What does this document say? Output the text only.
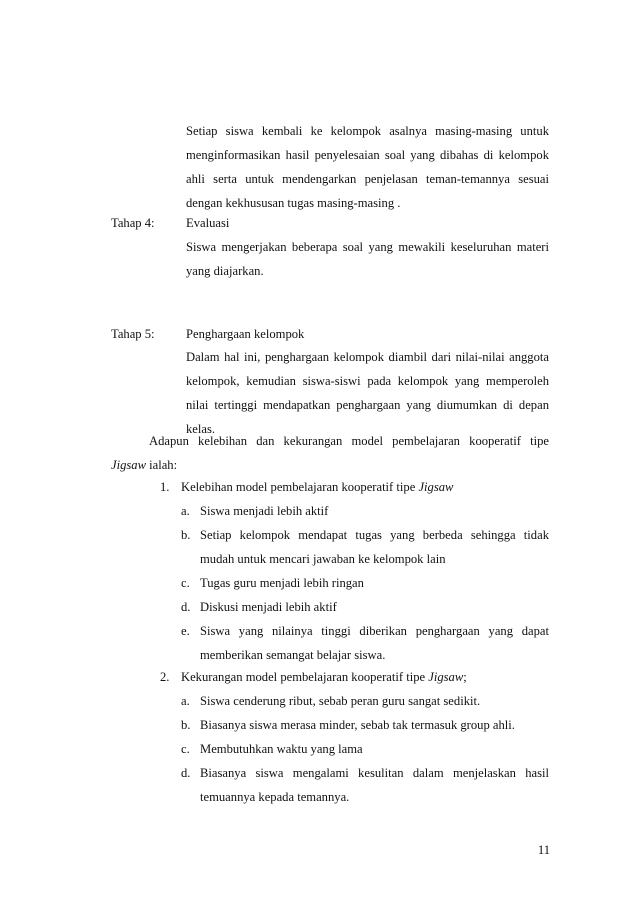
Setiap siswa kembali ke kelompok asalnya masing-masing untuk
menginformasikan hasil penyelesaian soal yang dibahas di kelompok
ahli serta untuk mendengarkan penjelasan teman-temannya sesuai
dengan kekhususan tugas masing-masing .
Tahap 4: Evaluasi
Siswa mengerjakan beberapa soal yang mewakili keseluruhan materi
yang diajarkan.
Tahap 5: Penghargaan kelompok
Dalam hal ini, penghargaan kelompok diambil dari nilai-nilai anggota
kelompok, kemudian siswa-siswi pada kelompok yang memperoleh
nilai tertinggi mendapatkan penghargaan yang diumumkan di depan
kelas.
Adapun kelebihan dan kekurangan model pembelajaran kooperatif tipe
Jigsaw ialah:
1. Kelebihan model pembelajaran kooperatif tipe Jigsaw
a. Siswa menjadi lebih aktif
b. Setiap kelompok mendapat tugas yang berbeda sehingga tidak
mudah untuk mencari jawaban ke kelompok lain
c. Tugas guru menjadi lebih ringan
d. Diskusi menjadi lebih aktif
e. Siswa yang nilainya tinggi diberikan penghargaan yang dapat
memberikan semangat belajar siswa.
2. Kekurangan model pembelajaran kooperatif tipe Jigsaw;
a. Siswa cenderung ribut, sebab peran guru sangat sedikit.
b. Biasanya siswa merasa minder, sebab tak termasuk group ahli.
c. Membutuhkan waktu yang lama
d. Biasanya siswa mengalami kesulitan dalam menjelaskan hasil
temuannya kepada temannya.
11
